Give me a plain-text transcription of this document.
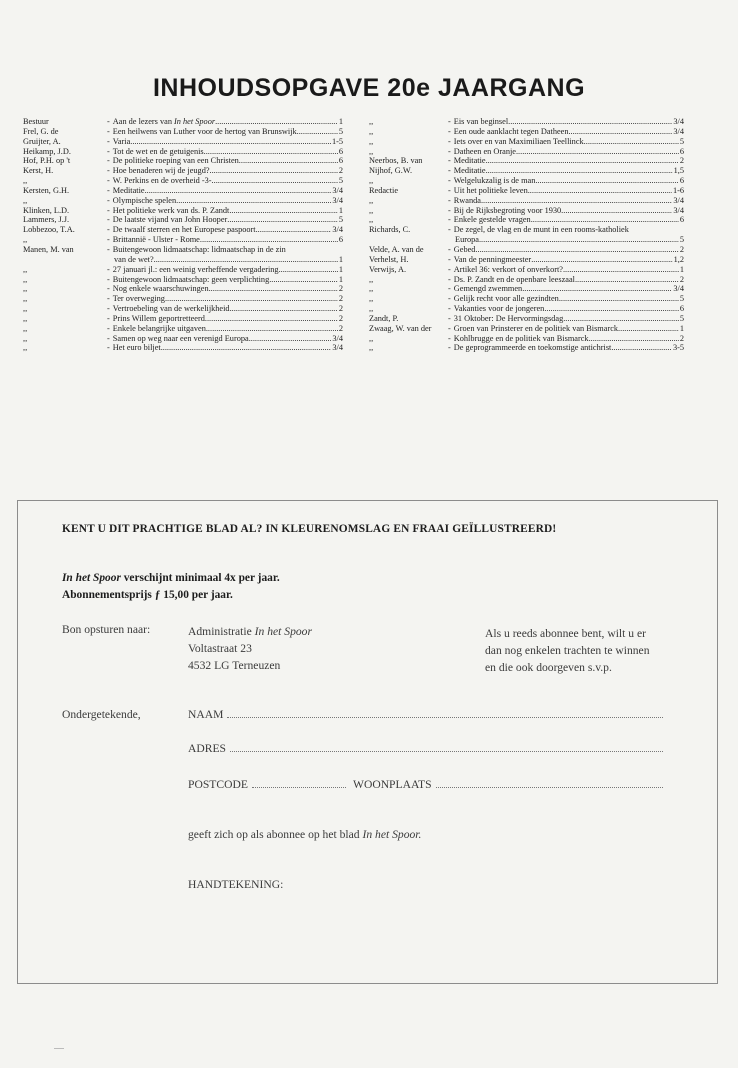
INHOUDSOPGAVE 20e JAARGANG
Bestuur	- Aan de lezers van In het Spoor .....	1
Frel, G. de	- Een heilwens van Luther voor de hertog van Brunswijk .....	5
Gruijter, A.	- Varia .....	1-5
Heikamp, J.D.	- Tot de wet en de getuigenis .....	6
Hof, P.H. op 't	- De politieke roeping van een Christen .....	6
Kerst, H.	- Hoe benaderen wij de jeugd? .....	2
,,	- W. Perkins en de overheid -3- .....	5
Kersten, G.H.	- Meditatie .....	3/4
,,	- Olympische spelen .....	3/4
Klinken, L.D.	- Het politieke werk van ds. P. Zandt .....	1
Lammers, J.J.	- De laatste vijand van John Hooper .....	5
Lobbezoo, T.A.	- De twaalf sterren en het Europese paspoort .....	3/4
,,	- Brittannië - Ulster - Rome .....	6
Manen, M. van	- Buitengewoon lidmaatschap: lidmaatschap in de zin
van de wet? .....	1
,,	- 27 januari jl.: een weinig verheffende vergadering .....	1
,,	- Buitengewoon lidmaatschap: geen verplichting .....	1
,,	- Nog enkele waarschuwingen .....	2
,,	- Ter overweging .....	2
,,	- Vertroebeling van de werkelijkheid .....	2
,,	- Prins Willem geportretteerd .....	2
,,	- Enkele belangrijke uitgaven .....	2
,,	- Samen op weg naar een verenigd Europa .....	3/4
,,	- Het euro biljet .....	3/4
,,	- Eis van beginsel .....	3/4
,,	- Een oude aanklacht tegen Datheen .....	3/4
,,	- Iets over en van Maximiliaen Teellinck .....	5
,,	- Datheen en Oranje .....	6
Neerbos, B. van	- Meditatie .....	2
Nijhof, G.W.	- Meditatie .....	1,5
,,	- Welgelukzalig is de man .....	6
Redactie	- Uit het politieke leven .....	1-6
,,	- Rwanda .....	3/4
,,	- Bij de Rijksbegroting voor 1930 .....	3/4
,,	- Enkele gestelde vragen .....	6
Richards, C.	- De zegel, de vlag en de munt in een rooms-katholiek
Europa .....	5
Velde, A. van de	- Gebed .....	2
Verhelst, H.	- Van de penningmeester .....	1,2
Verwijs, A.	- Artikel 36: verkort of onverkort? .....	1
,,	- Ds. P. Zandt en de openbare leeszaal .....	2
,,	- Gemengd zwemmen .....	3/4
,,	- Gelijk recht voor alle gezindten .....	5
,,	- Vakanties voor de jongeren .....	6
Zandt, P.	- 31 Oktober: De Hervormingsdag .....	5
Zwaag, W. van der	- Groen van Prinsterer en de politiek van Bismarck .....	1
,,	- Kohlbrugge en de politiek van Bismarck .....	2
,,	- De geprogrammeerde en toekomstige antichrist .....	3-5
KENT U DIT PRACHTIGE BLAD AL? IN KLEURENOMSLAG EN FRAAI GEÏLLUSTREERD!
In het Spoor verschijnt minimaal 4x per jaar.
Abonnementsprijs ƒ 15,00 per jaar.
Bon opsturen naar:	Administratie In het Spoor
Voltastraat 23
4532 LG Terneuzen
Als u reeds abonnee bent, wilt u er
dan nog enkelen trachten te winnen
en die ook doorgeven s.v.p.
Ondergetekende,	NAAM
ADRES
POSTCODE	WOONPLAATS
geeft zich op als abonnee op het blad In het Spoor.
HANDTEKENING:
